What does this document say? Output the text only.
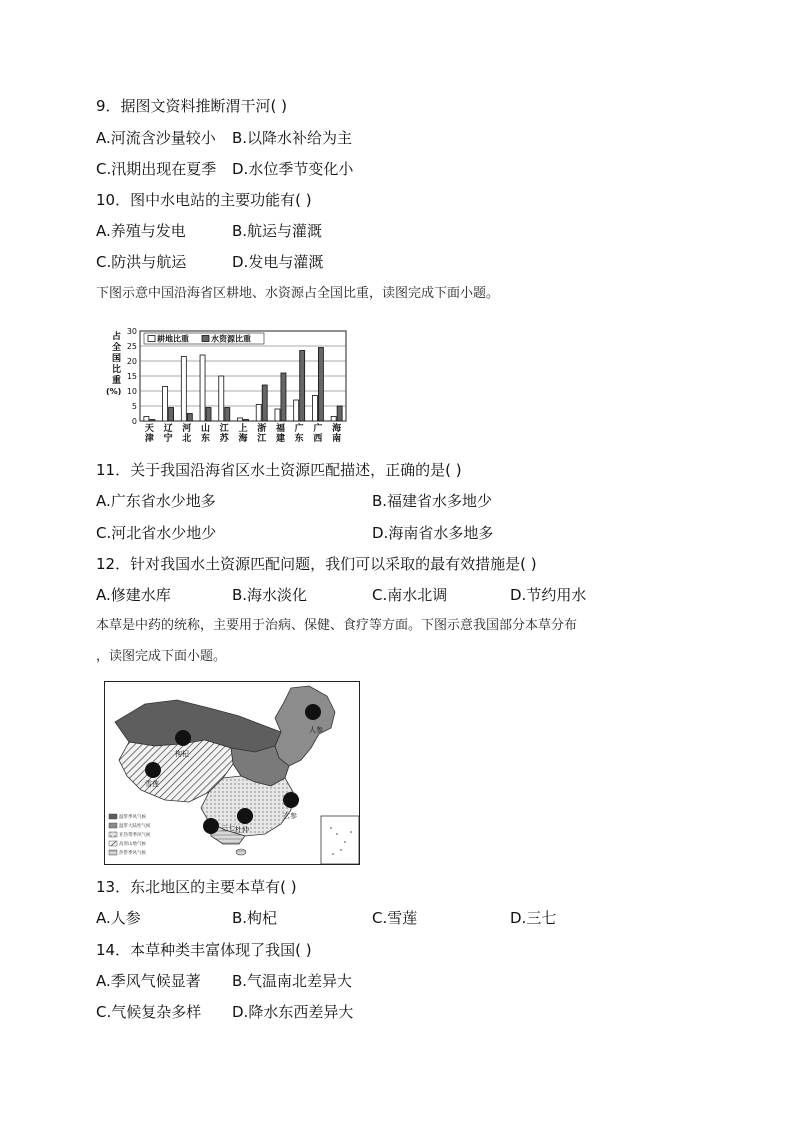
9．据图文资料推断渭干河( )
A.河流含沙量较小 B.以降水补给为主
C.汛期出现在夏季 D.水位季节变化小
10．图中水电站的主要功能有( )
A.养殖与发电	B.航运与灌溉
C.防洪与航运	D.发电与灌溉
下图示意中国沿海省区耕地、水资源占全国比重，读图完成下面小题。
0
5
10
15
20
25
30
占
全
国
比
重
(%)
天
津
辽
宁
河
北
山
东
江
苏
上
海
浙
江
福
建
广
东
广
西
海
南
耕地比重	水资源比重
11．关于我国沿海省区水土资源匹配描述，正确的是( )
A.广东省水少地多	B.福建省水多地少
C.河北省水少地少	D.海南省水多地多
12．针对我国水土资源匹配问题，我们可以采取的最有效措施是( )
A.修建水库	B.海水淡化	C.南水北调	D.节约用水
本草是中药的统称，主要用于治病、保健、食疗等方面。下图示意我国部分本草分布
，读图完成下面小题。
人参
枸杞
雪莲
三七 杜仲
玄参
温带季风气候
温带大陆性气候
亚热带季风气候
高原山地气候
热带季风气候
13．东北地区的主要本草有( )
A.人参	B.枸杞	C.雪莲	D.三七
14．本草种类丰富体现了我国( )
A.季风气候显著 B.气温南北差异大
C.气候复杂多样 D.降水东西差异大
